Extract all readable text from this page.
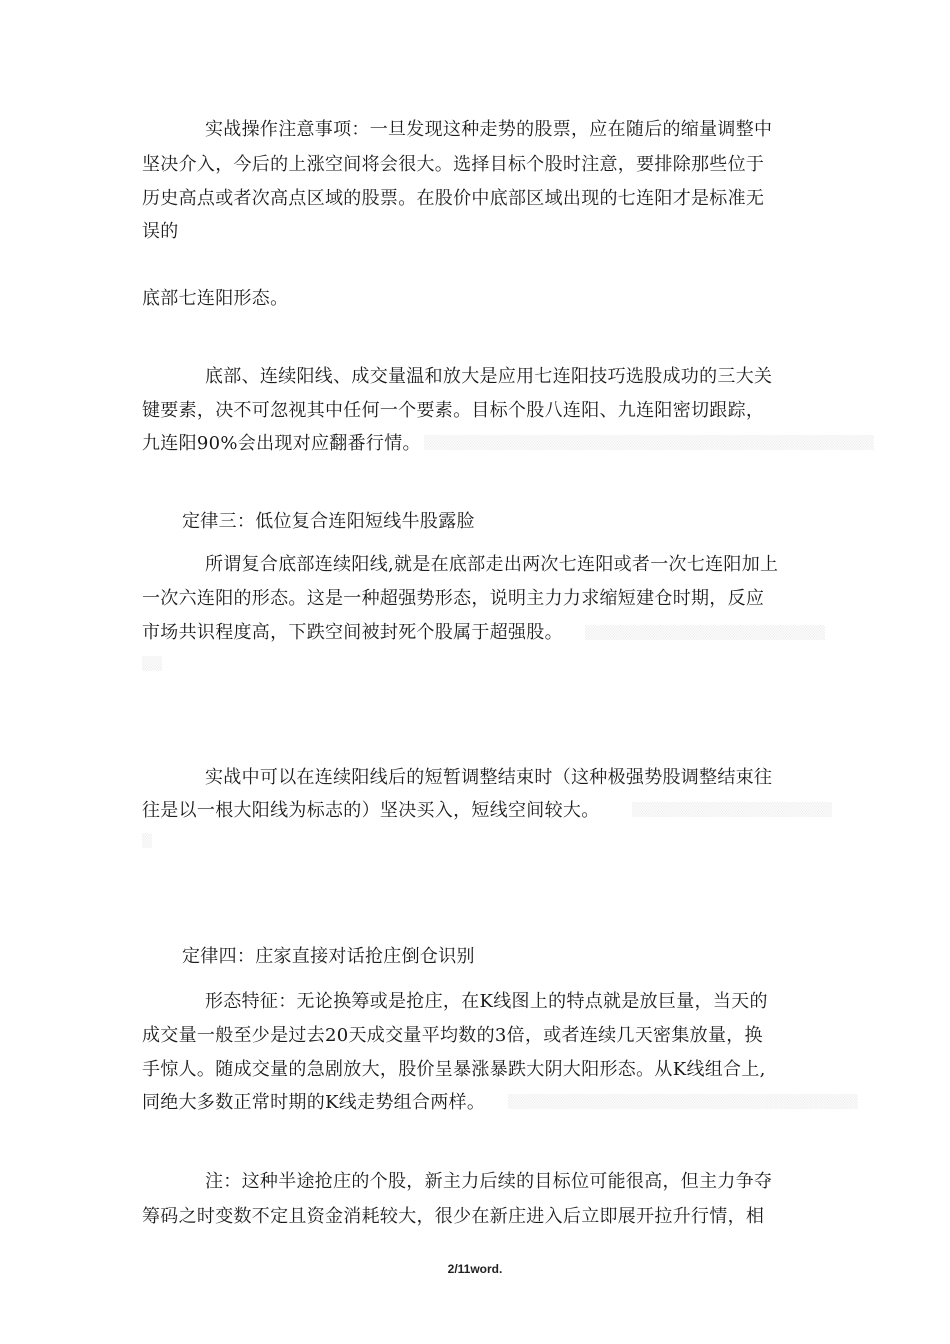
实战操作注意事项：一旦发现这种走势的股票，应在随后的缩量调整中
坚决介入，今后的上涨空间将会很大。选择目标个股时注意，要排除那些位于
历史高点或者次高点区域的股票。在股价中底部区域出现的七连阳才是标准无
误的
底部七连阳形态。
底部、连续阳线、成交量温和放大是应用七连阳技巧选股成功的三大关
键要素，决不可忽视其中任何一个要素。目标个股八连阳、九连阳密切跟踪，
九连阳90%会出现对应翻番行情。 ▒▒▒▒▒▒▒▒▒▒▒▒▒▒▒▒▒▒▒▒▒▒▒▒▒▒▒▒▒▒▒▒▒▒▒▒▒▒▒▒▒▒▒▒▒
定律三：低位复合连阳短线牛股露脸
所谓复合底部连续阳线,就是在底部走出两次七连阳或者一次七连阳加上
一次六连阳的形态。这是一种超强势形态，说明主力力求缩短建仓时期，反应
市场共识程度高，下跌空间被封死个股属于超强股。 ▒▒▒▒▒▒▒▒▒▒▒▒▒▒▒▒▒▒▒▒▒▒▒▒
▒▒
实战中可以在连续阳线后的短暂调整结束时（这种极强势股调整结束往
往是以一根大阳线为标志的）坚决买入，短线空间较大。	▒▒▒▒▒▒▒▒▒▒▒▒▒▒▒▒▒▒▒▒
▒
定律四：庄家直接对话抢庄倒仓识别
形态特征：无论换筹或是抢庄，在K线图上的特点就是放巨量，当天的
成交量一般至少是过去20天成交量平均数的3倍，或者连续几天密集放量，换
手惊人。随成交量的急剧放大，股价呈暴涨暴跌大阴大阳形态。从K线组合上,
同绝大多数正常时期的K线走势组合两样。 ▒▒▒▒▒▒▒▒▒▒▒▒▒▒▒▒▒▒▒▒▒▒▒▒▒▒▒▒▒▒▒▒▒▒▒
注：这种半途抢庄的个股，新主力后续的目标位可能很高，但主力争夺
筹码之时变数不定且资金消耗较大，很少在新庄进入后立即展开拉升行情，相
2/11word.
